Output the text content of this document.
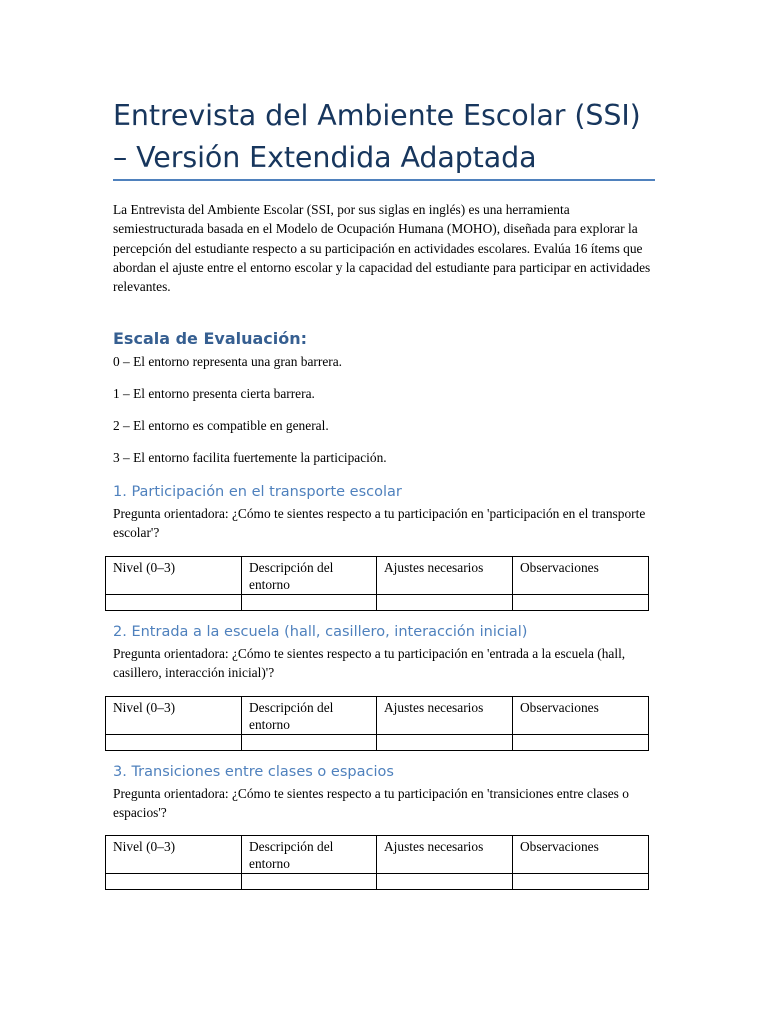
Entrevista del Ambiente Escolar (SSI) – Versión Extendida Adaptada

La Entrevista del Ambiente Escolar (SSI, por sus siglas en inglés) es una herramienta semiestructurada basada en el Modelo de Ocupación Humana (MOHO), diseñada para explorar la percepción del estudiante respecto a su participación en actividades escolares. Evalúa 16 ítems que abordan el ajuste entre el entorno escolar y la capacidad del estudiante para participar en actividades relevantes.

Escala de Evaluación:

0 – El entorno representa una gran barrera.

1 – El entorno presenta cierta barrera.

2 – El entorno es compatible en general.

3 – El entorno facilita fuertemente la participación.

1. Participación en el transporte escolar

Pregunta orientadora: ¿Cómo te sientes respecto a tu participación en 'participación en el transporte escolar'?

Nivel (0–3)	Descripción del entorno	Ajustes necesarios	Observaciones

2. Entrada a la escuela (hall, casillero, interacción inicial)

Pregunta orientadora: ¿Cómo te sientes respecto a tu participación en 'entrada a la escuela (hall, casillero, interacción inicial)'?

Nivel (0–3)	Descripción del entorno	Ajustes necesarios	Observaciones

3. Transiciones entre clases o espacios

Pregunta orientadora: ¿Cómo te sientes respecto a tu participación en 'transiciones entre clases o espacios'?

Nivel (0–3)	Descripción del entorno	Ajustes necesarios	Observaciones
